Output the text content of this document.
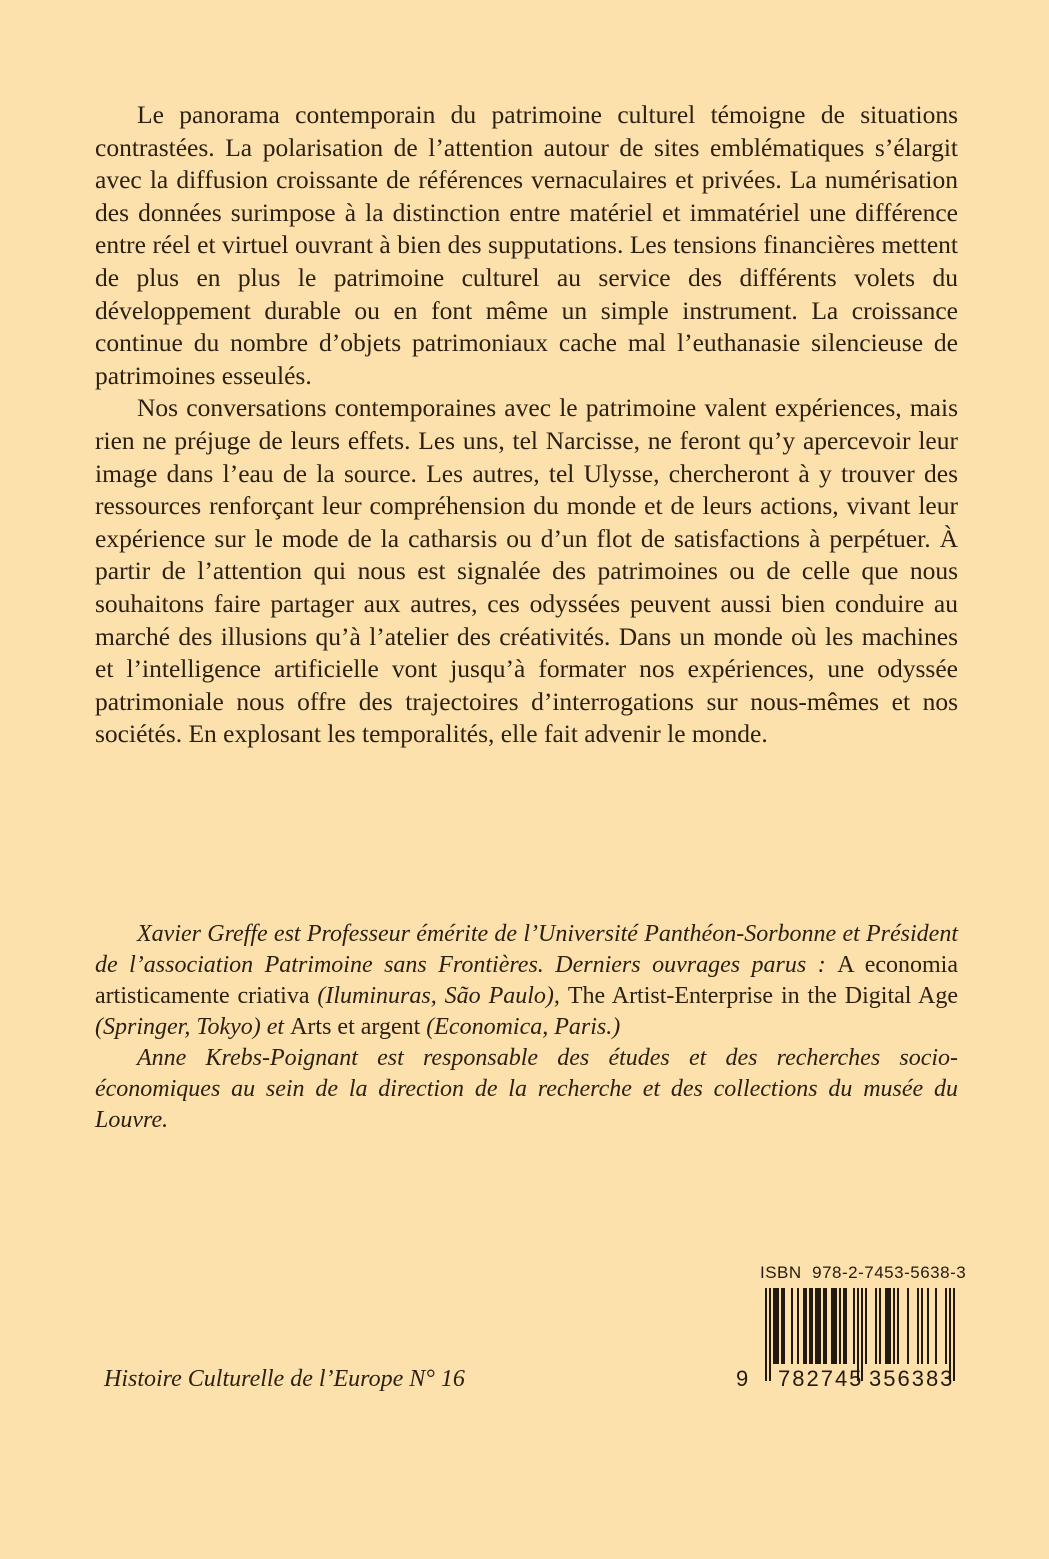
Le panorama contemporain du patrimoine culturel témoigne de situations contrastées. La polarisation de l’attention autour de sites emblématiques s’élargit avec la diffusion croissante de références vernaculaires et privées. La numérisation des données surimpose à la distinction entre matériel et immatériel une différence entre réel et virtuel ouvrant à bien des supputations. Les tensions financières mettent de plus en plus le patrimoine culturel au service des différents volets du développement durable ou en font même un simple instrument. La croissance continue du nombre d’objets patrimoniaux cache mal l’euthanasie silencieuse de patrimoines esseulés.

Nos conversations contemporaines avec le patrimoine valent expériences, mais rien ne préjuge de leurs effets. Les uns, tel Narcisse, ne feront qu’y apercevoir leur image dans l’eau de la source. Les autres, tel Ulysse, chercheront à y trouver des ressources renforçant leur compréhension du monde et de leurs actions, vivant leur expérience sur le mode de la catharsis ou d’un flot de satisfactions à perpétuer. À partir de l’attention qui nous est signalée des patrimoines ou de celle que nous souhaitons faire partager aux autres, ces odyssées peuvent aussi bien conduire au marché des illusions qu’à l’atelier des créativités. Dans un monde où les machines et l’intelligence artificielle vont jusqu’à formater nos expériences, une odyssée patrimoniale nous offre des trajectoires d’interrogations sur nous-mêmes et nos sociétés. En explosant les temporalités, elle fait advenir le monde.

Xavier Greffe est Professeur émérite de l’Université Panthéon-Sorbonne et Président de l’association Patrimoine sans Frontières. Derniers ouvrages parus : A economia artisticamente criativa (Iluminuras, São Paulo), The Artist-Enterprise in the Digital Age (Springer, Tokyo) et Arts et argent (Economica, Paris.)

Anne Krebs-Poignant est responsable des études et des recherches socio-économiques au sein de la direction de la recherche et des collections du musée du Louvre.

Histoire Culturelle de l’Europe N° 16
ISBN  978-2-7453-5638-3
9 782745 356383
